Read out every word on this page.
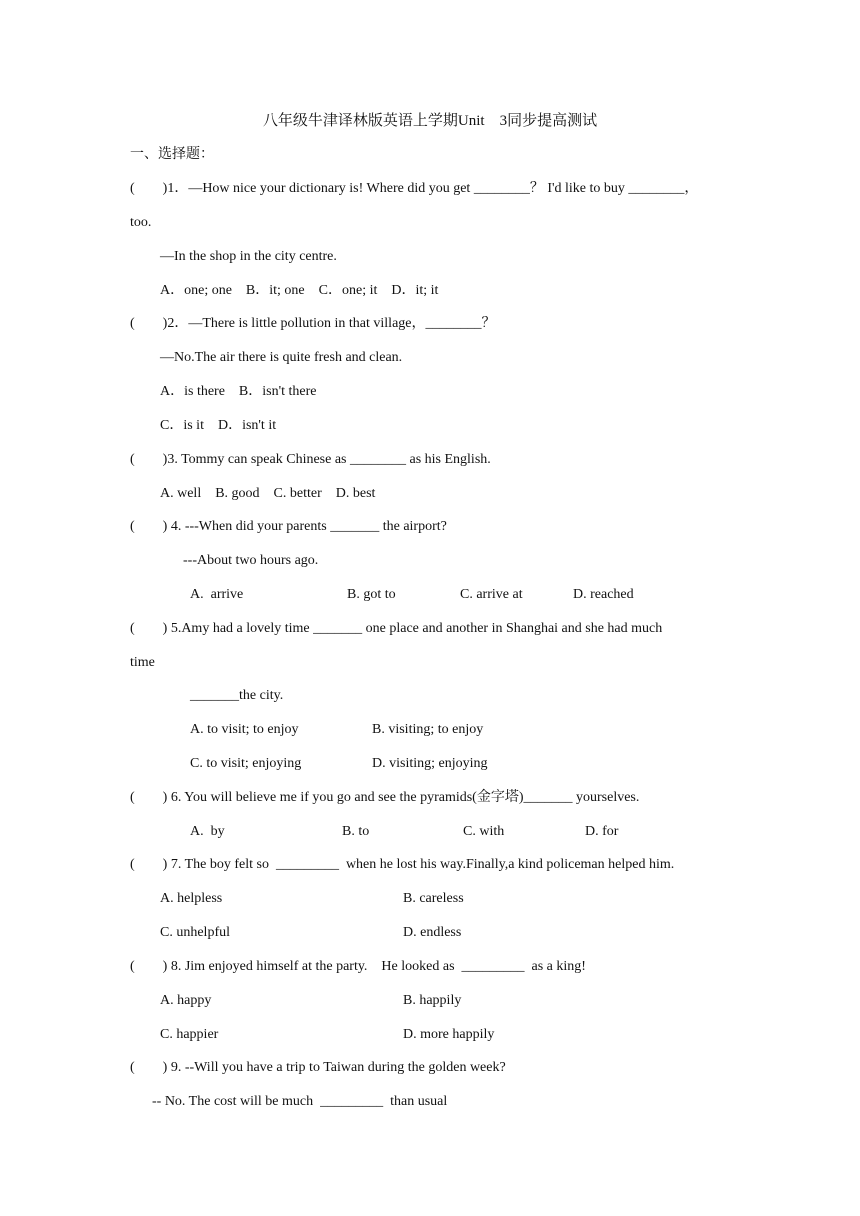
八年级牛津译林版英语上学期Unit　3同步提高测试
一、选择题：
(        )1．—How nice your dictionary is! Where did you get ________？ I'd like to buy ________，
too.
—In the shop in the city centre.
A．one; one    B．it; one    C．one; it    D．it; it
(        )2．—There is little pollution in that village，________？
—No.The air there is quite fresh and clean.
A．is there    B．isn't there
C．is it    D．isn't it
(        )3. Tommy can speak Chinese as ________ as his English.
A. well    B. good    C. better    D. best
(        ) 4. ---When did your parents _______ the airport?
---About two hours ago.
A.  arrive	B. got to	C. arrive at	D. reached
(        ) 5.Amy had a lovely time _______ one place and another in Shanghai and she had much
time
_______the city.
A. to visit; to enjoy	B. visiting; to enjoy
C. to visit; enjoying	D. visiting; enjoying
(        ) 6. You will believe me if you go and see the pyramids(金字塔)_______ yourselves.
A.  by	B. to	C. with	D. for
(        ) 7. The boy felt so  _________  when he lost his way.Finally,a kind policeman helped him.
A. helpless	B. careless
C. unhelpful	D. endless
(        ) 8. Jim enjoyed himself at the party.    He looked as  _________  as a king!
A. happy	B. happily
C. happier	D. more happily
(        ) 9. --Will you have a trip to Taiwan during the golden week?
-- No. The cost will be much  _________  than usual
